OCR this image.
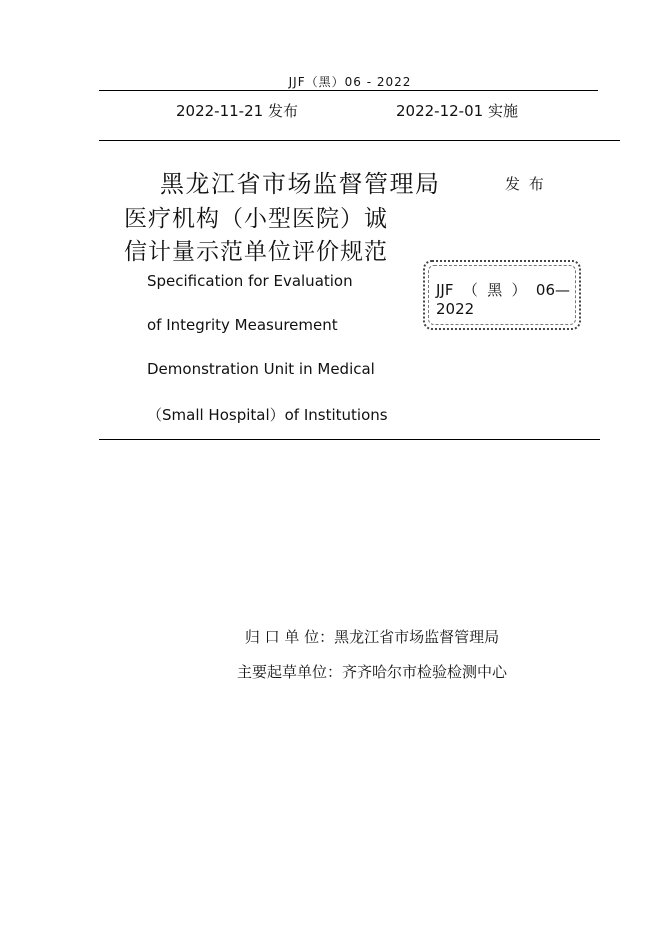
JJF（黑）06 - 2022
2022-11-21 发布	2022-12-01 实施
黑龙江省市场监督管理局	发 布
医疗机构（小型医院）诚
信计量示范单位评价规范
Specification for Evaluation
of Integrity Measurement
Demonstration Unit in Medical
（Small Hospital）of Institutions
JJF （ 黑 ） 06—
2022
归 口 单 位：黑龙江省市场监督管理局
主要起草单位：齐齐哈尔市检验检测中心
